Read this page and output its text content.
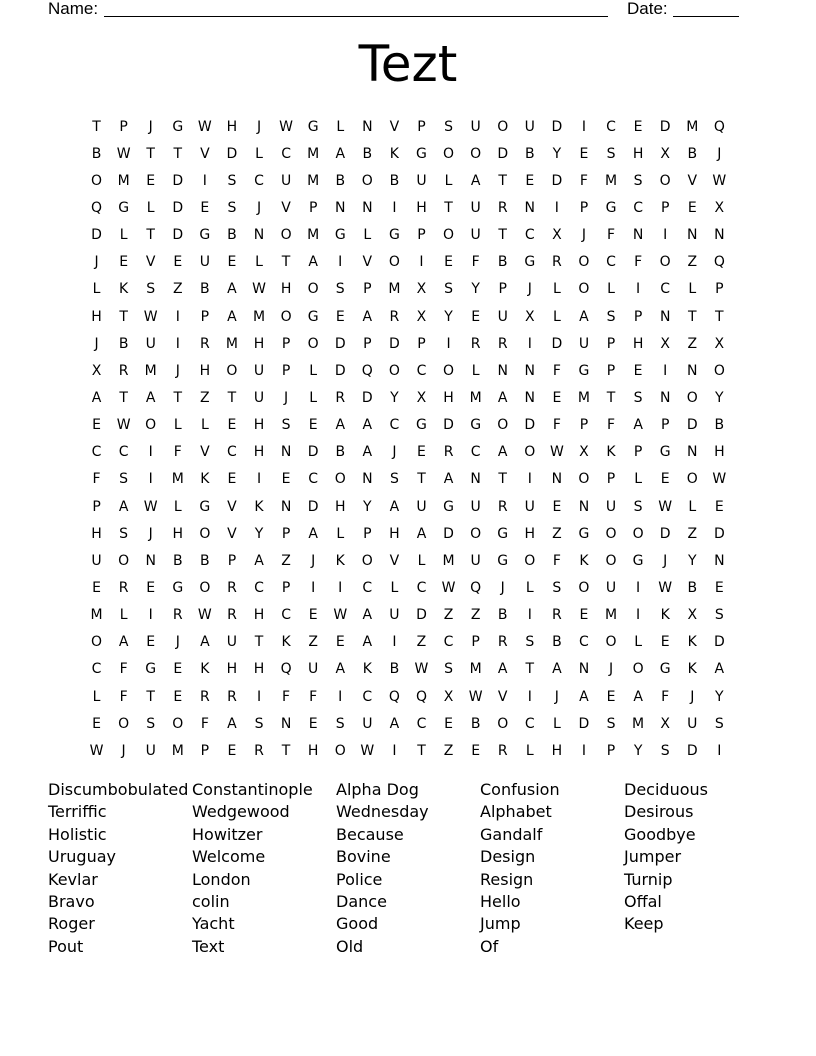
Name:	Date:
Tezt
T	P	J	G	W	H	J	W	G	L	N	V	P	S	U	O	U	D	I	C	E	D	M	Q
B	W	T	T	V	D	L	C	M	A	B	K	G	O	O	D	B	Y	E	S	H	X	B	J
O	M	E	D	I	S	C	U	M	B	O	B	U	L	A	T	E	D	F	M	S	O	V	W
Q	G	L	D	E	S	J	V	P	N	N	I	H	T	U	R	N	I	P	G	C	P	E	X
D	L	T	D	G	B	N	O	M	G	L	G	P	O	U	T	C	X	J	F	N	I	N	N
J	E	V	E	U	E	L	T	A	I	V	O	I	E	F	B	G	R	O	C	F	O	Z	Q
L	K	S	Z	B	A	W	H	O	S	P	M	X	S	Y	P	J	L	O	L	I	C	L	P
H	T	W	I	P	A	M	O	G	E	A	R	X	Y	E	U	X	L	A	S	P	N	T	T
J	B	U	I	R	M	H	P	O	D	P	D	P	I	R	R	I	D	U	P	H	X	Z	X
X	R	M	J	H	O	U	P	L	D	Q	O	C	O	L	N	N	F	G	P	E	I	N	O
A	T	A	T	Z	T	U	J	L	R	D	Y	X	H	M	A	N	E	M	T	S	N	O	Y
E	W	O	L	L	E	H	S	E	A	A	C	G	D	G	O	D	F	P	F	A	P	D	B
C	C	I	F	V	C	H	N	D	B	A	J	E	R	C	A	O	W	X	K	P	G	N	H
F	S	I	M	K	E	I	E	C	O	N	S	T	A	N	T	I	N	O	P	L	E	O	W
P	A	W	L	G	V	K	N	D	H	Y	A	U	G	U	R	U	E	N	U	S	W	L	E
H	S	J	H	O	V	Y	P	A	L	P	H	A	D	O	G	H	Z	G	O	O	D	Z	D
U	O	N	B	B	P	A	Z	J	K	O	V	L	M	U	G	O	F	K	O	G	J	Y	N
E	R	E	G	O	R	C	P	I	I	C	L	C	W	Q	J	L	S	O	U	I	W	B	E
M	L	I	R	W	R	H	C	E	W	A	U	D	Z	Z	B	I	R	E	M	I	K	X	S
O	A	E	J	A	U	T	K	Z	E	A	I	Z	C	P	R	S	B	C	O	L	E	K	D
C	F	G	E	K	H	H	Q	U	A	K	B	W	S	M	A	T	A	N	J	O	G	K	A
L	F	T	E	R	R	I	F	F	I	C	Q	Q	X	W	V	I	J	A	E	A	F	J	Y
E	O	S	O	F	A	S	N	E	S	U	A	C	E	B	O	C	L	D	S	M	X	U	S
W	J	U	M	P	E	R	T	H	O	W	I	T	Z	E	R	L	H	I	P	Y	S	D	I
Discumbobulated
Terriffic
Holistic
Uruguay
Kevlar
Bravo
Roger
Pout
Constantinople
Wedgewood
Howitzer
Welcome
London
colin
Yacht
Text
Alpha Dog
Wednesday
Because
Bovine
Police
Dance
Good
Old
Confusion
Alphabet
Gandalf
Design
Resign
Hello
Jump
Of
Deciduous
Desirous
Goodbye
Jumper
Turnip
Offal
Keep
